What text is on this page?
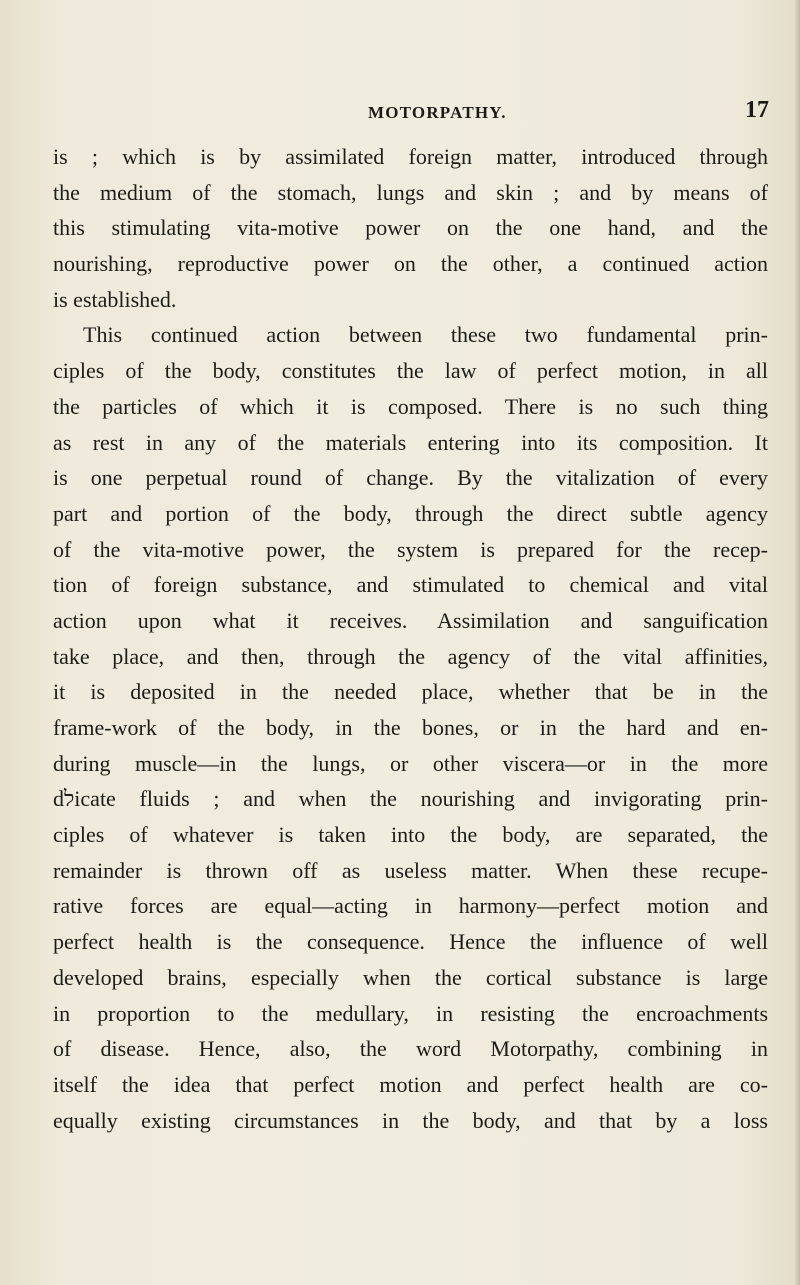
MOTORPATHY.	17
is ; which is by assimilated foreign matter, introduced through
the medium of the stomach, lungs and skin ; and by means of
this stimulating vita-motive power on the one hand, and the
nourishing, reproductive power on the other, a continued action
is established.
This continued action between these two fundamental prin-
ciples of the body, constitutes the law of perfect motion, in all
the particles of which it is composed. There is no such thing
as rest in any of the materials entering into its composition. It
is one perpetual round of change. By the vitalization of every
part and portion of the body, through the direct subtle agency
of the vita-motive power, the system is prepared for the recep-
tion of foreign substance, and stimulated to chemical and vital
action upon what it receives. Assimilation and sanguification
take place, and then, through the agency of the vital affinities,
it is deposited in the needed place, whether that be in the
frame-work of the body, in the bones, or in the hard and en-
during muscle—in the lungs, or other viscera—or in the more
dלicate fluids ; and when the nourishing and invigorating prin-
ciples of whatever is taken into the body, are separated, the
remainder is thrown off as useless matter. When these recupe-
rative forces are equal—acting in harmony—perfect motion and
perfect health is the consequence. Hence the influence of well
developed brains, especially when the cortical substance is large
in proportion to the medullary, in resisting the encroachments
of disease. Hence, also, the word Motorpathy, combining in
itself the idea that perfect motion and perfect health are co-
equally existing circumstances in the body, and that by a loss
